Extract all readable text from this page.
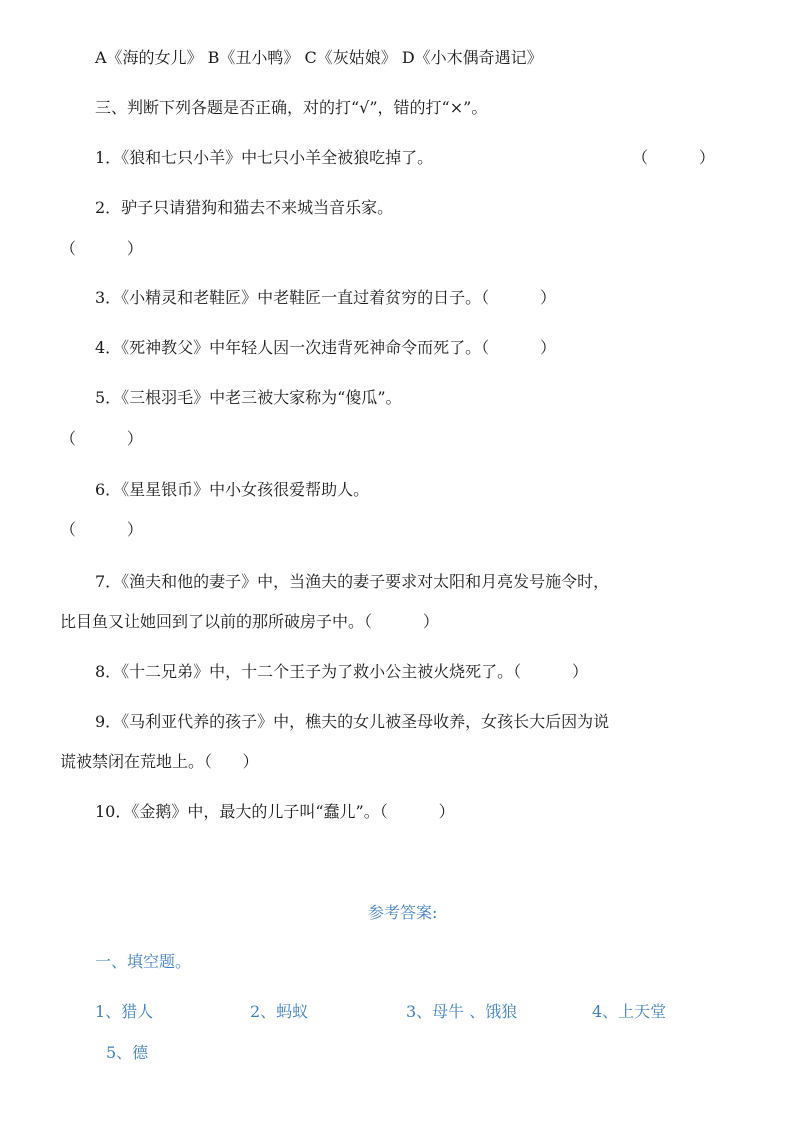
A《海的女儿》 B《丑小鸭》 C《灰姑娘》 D《小木偶奇遇记》
三、判断下列各题是否正确，对的打“√”，错的打“×”。
1．《狼和七只小羊》中七只小羊全被狼吃掉了。	（          ）
2．驴子只请猎狗和猫去不来城当音乐家。
（          ）
3．《小精灵和老鞋匠》中老鞋匠一直过着贫穷的日子。（          ）
4．《死神教父》中年轻人因一次违背死神命令而死了。（          ）
5．《三根羽毛》中老三被大家称为“傻瓜”。
（          ）
6．《星星银币》中小女孩很爱帮助人。
（          ）
7．《渔夫和他的妻子》中，当渔夫的妻子要求对太阳和月亮发号施令时，
比目鱼又让她回到了以前的那所破房子中。（          ）
8．《十二兄弟》中，十二个王子为了救小公主被火烧死了。（          ）
9．《马利亚代养的孩子》中，樵夫的女儿被圣母收养，女孩长大后因为说
谎被禁闭在荒地上。（      ）
10．《金鹅》中，最大的儿子叫“蠢儿”。（          ）
参考答案:
一、填空题。
1、猎人	2、蚂蚁	3、母牛 、饿狼	4、上天堂
5、德
